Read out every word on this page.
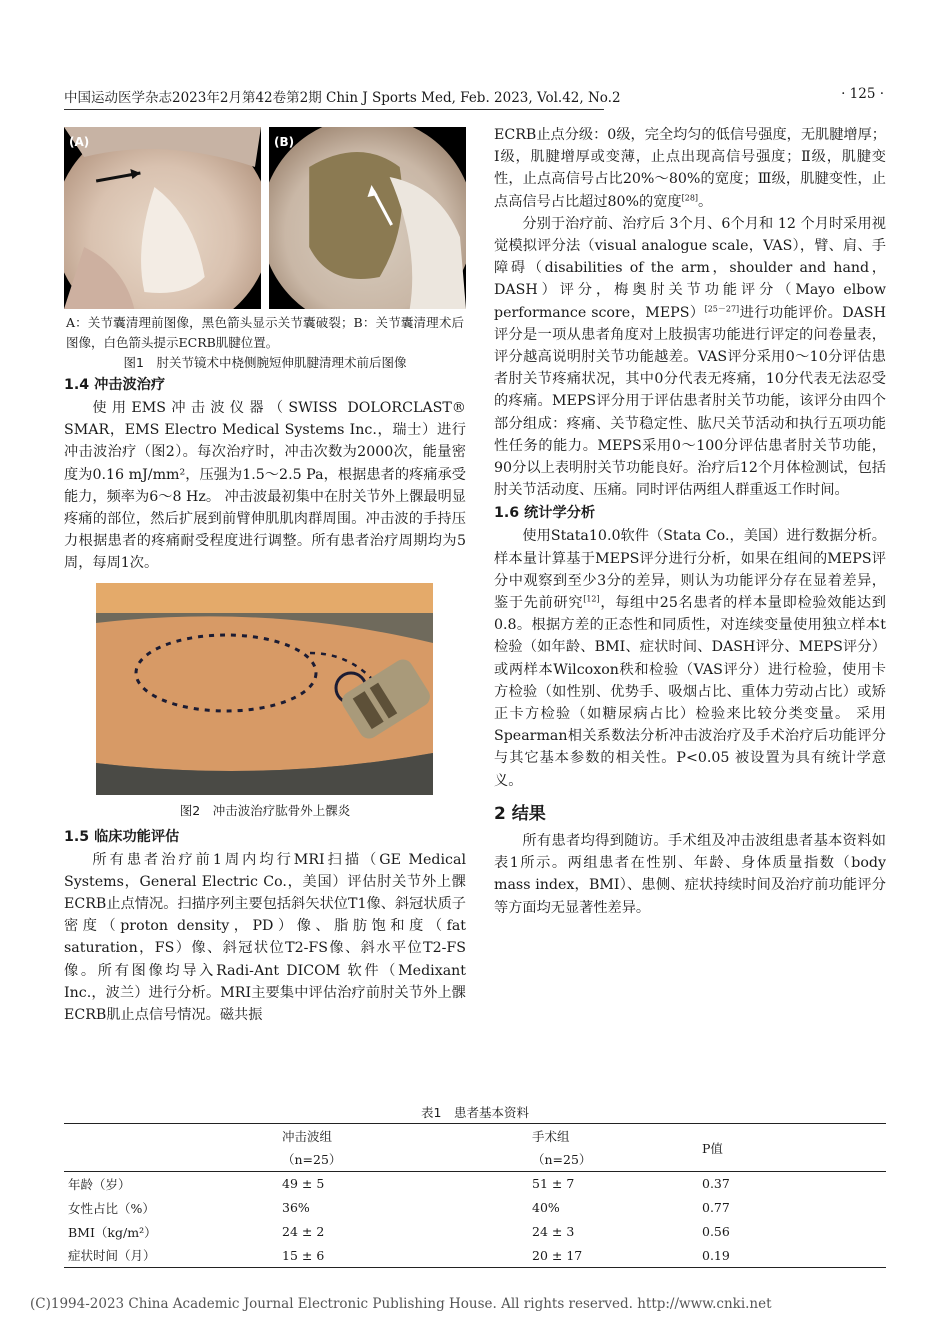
中国运动医学杂志2023年2月第42卷第2期 Chin J Sports Med, Feb. 2023, Vol.42, No.2	· 125 ·
(A)	(B)

A：关节囊清理前图像，黑色箭头显示关节囊破裂；B：关节囊清理术后图像，白色箭头提示ECRB肌腱位置。

图1　肘关节镜术中桡侧腕短伸肌腱清理术前后图像
1.4 冲击波治疗

使用EMS冲击波仪器（SWISS DOLORCLAST® SMAR，EMS Electro Medical Systems Inc.，瑞士）进行冲击波治疗（图2）。每次治疗时，冲击次数为2000次，能量密度为0.16 mJ/mm²，压强为1.5～2.5 Pa，根据患者的疼痛承受能力，频率为6～8 Hz。 冲击波最初集中在肘关节外上髁最明显疼痛的部位，然后扩展到前臂伸肌肌肉群周围。冲击波的手持压力根据患者的疼痛耐受程度进行调整。所有患者治疗周期均为5周，每周1次。

图2　冲击波治疗肱骨外上髁炎
1.5 临床功能评估

所有患者治疗前1周内均行MRI扫描（GE Medical Systems，General Electric Co.，美国）评估肘关节外上髁ECRB止点情况。扫描序列主要包括斜矢状位T1像、斜冠状质子密度（proton density，PD）像、脂肪饱和度（fat saturation，FS）像、斜冠状位T2-FS像、斜水平位T2-FS像。所有图像均导入Radi-Ant DICOM 软件（Medixant Inc.，波兰）进行分析。MRI主要集中评估治疗前肘关节外上髁ECRB肌止点信号情况。磁共振

ECRB止点分级：0级，完全均匀的低信号强度，无肌腱增厚；Ⅰ级，肌腱增厚或变薄，止点出现高信号强度；Ⅱ级，肌腱变性，止点高信号占比20%～80%的宽度；Ⅲ级，肌腱变性，止点高信号占比超过80%的宽度[28]。

分别于治疗前、治疗后 3个月、6个月和 12 个月时采用视觉模拟评分法（visual analogue scale，VAS），臂、肩、手障碍（disabilities of the arm，shoulder and hand，DASH）评分，梅奥肘关节功能评分（Mayo elbow performance score，MEPS）[25－27]进行功能评价。DASH评分是一项从患者角度对上肢损害功能进行评定的问卷量表，评分越高说明肘关节功能越差。VAS评分采用0～10分评估患者肘关节疼痛状况，其中0分代表无疼痛，10分代表无法忍受的疼痛。MEPS评分用于评估患者肘关节功能，该评分由四个部分组成：疼痛、关节稳定性、肱尺关节活动和执行五项功能性任务的能力。MEPS采用0～100分评估患者肘关节功能，90分以上表明肘关节功能良好。治疗后12个月体检测试，包括肘关节活动度、压痛。同时评估两组人群重返工作时间。

1.6 统计学分析

使用Stata10.0软件（Stata Co.，美国）进行数据分析。样本量计算基于MEPS评分进行分析，如果在组间的MEPS评分中观察到至少3分的差异，则认为功能评分存在显着差异，鉴于先前研究[12]，每组中25名患者的样本量即检验效能达到0.8。根据方差的正态性和同质性，对连续变量使用独立样本t检验（如年龄、BMI、症状时间、DASH评分、MEPS评分）或两样本Wilcoxon秩和检验（VAS评分）进行检验，使用卡方检验（如性别、优势手、吸烟占比、重体力劳动占比）或矫正卡方检验（如糖尿病占比）检验来比较分类变量。 采用Spearman相关系数法分析冲击波治疗及手术治疗后功能评分与其它基本参数的相关性。P<0.05 被设置为具有统计学意义。

2 结果

所有患者均得到随访。手术组及冲击波组患者基本资料如表1所示。两组患者在性别、年龄、身体质量指数（body mass index，BMI）、患侧、症状持续时间及治疗前功能评分等方面均无显著性差异。

表1　患者基本资料
	冲击波组	手术组	P值
	（n=25）	（n=25）	
年龄（岁）	49 ± 5	51 ± 7	0.37
女性占比（%）	36%	40%	0.77
BMI（kg/m²）	24 ± 2	24 ± 3	0.56
症状时间（月）	15 ± 6	20 ± 17	0.19
(C)1994-2023 China Academic Journal Electronic Publishing House. All rights reserved. http://www.cnki.net
